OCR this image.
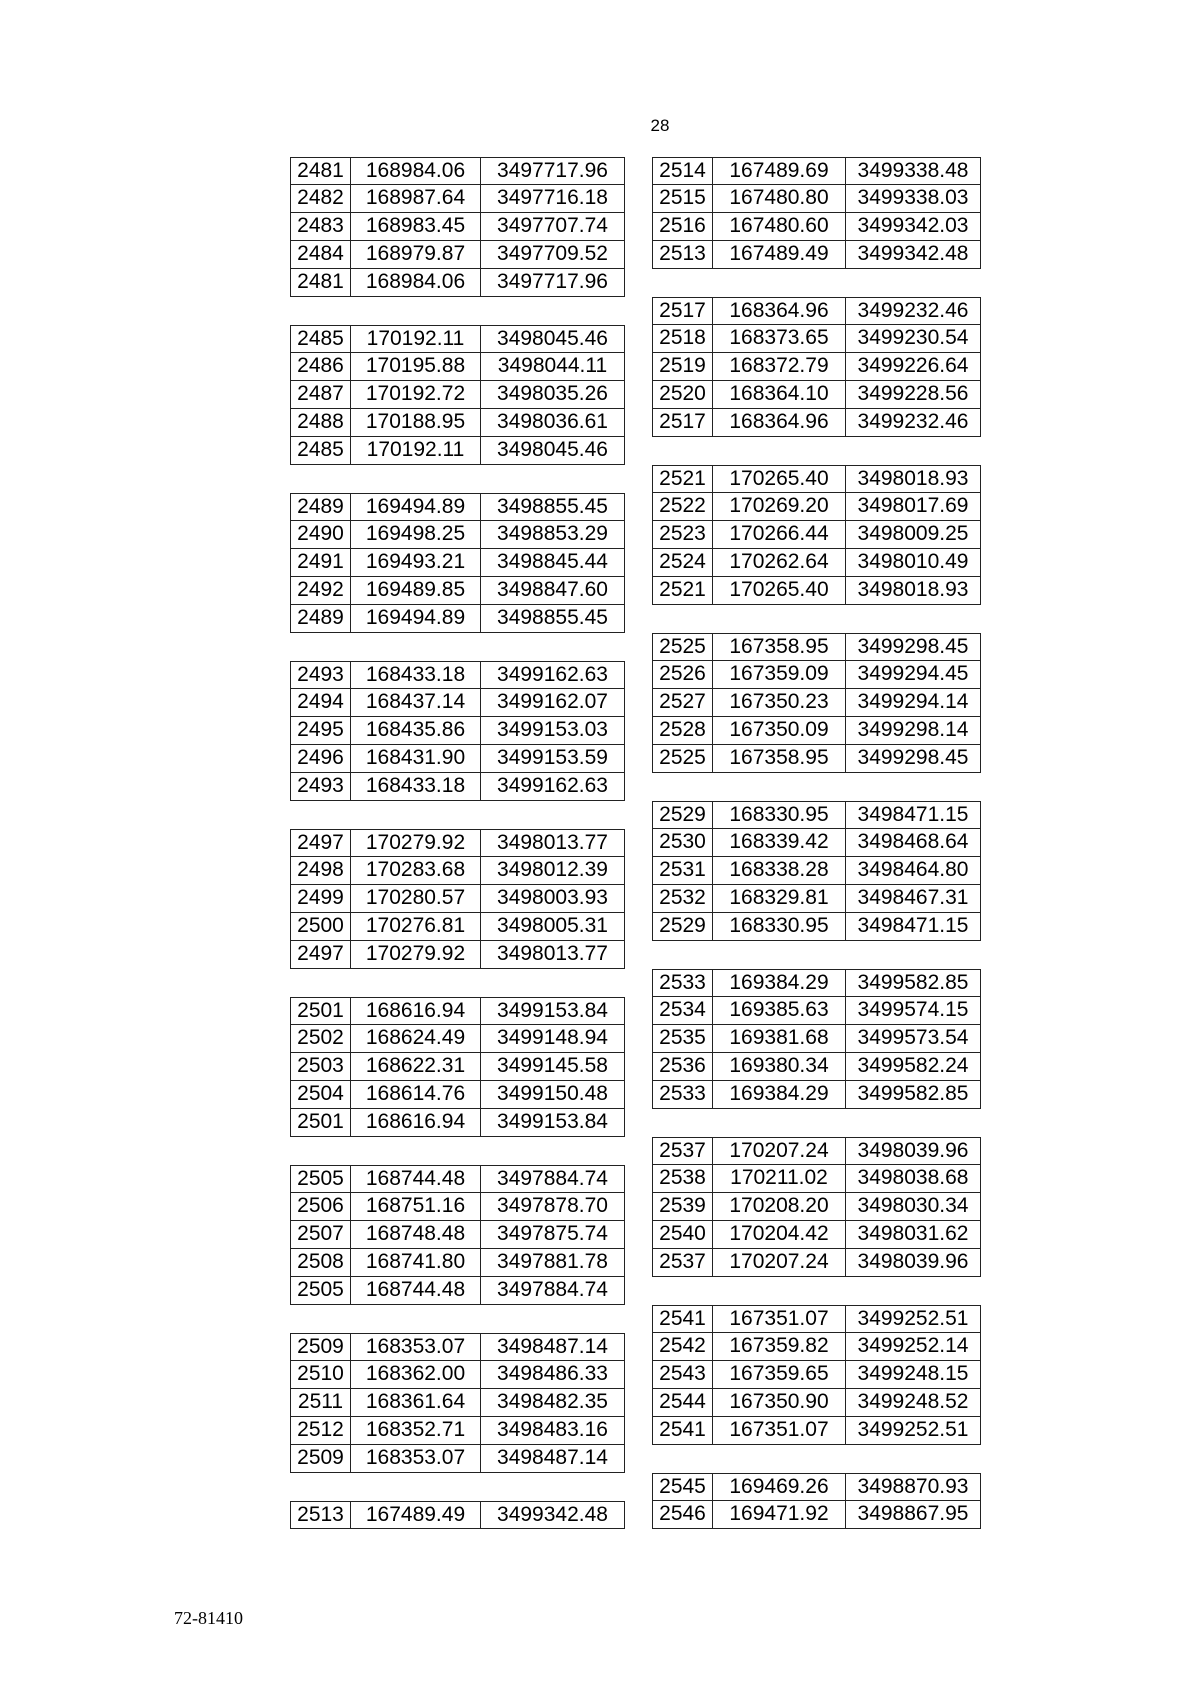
28
2481	168984.06	3497717.96
2482	168987.64	3497716.18
2483	168983.45	3497707.74
2484	168979.87	3497709.52
2481	168984.06	3497717.96
2485	170192.11	3498045.46
2486	170195.88	3498044.11
2487	170192.72	3498035.26
2488	170188.95	3498036.61
2485	170192.11	3498045.46
2489	169494.89	3498855.45
2490	169498.25	3498853.29
2491	169493.21	3498845.44
2492	169489.85	3498847.60
2489	169494.89	3498855.45
2493	168433.18	3499162.63
2494	168437.14	3499162.07
2495	168435.86	3499153.03
2496	168431.90	3499153.59
2493	168433.18	3499162.63
2497	170279.92	3498013.77
2498	170283.68	3498012.39
2499	170280.57	3498003.93
2500	170276.81	3498005.31
2497	170279.92	3498013.77
2501	168616.94	3499153.84
2502	168624.49	3499148.94
2503	168622.31	3499145.58
2504	168614.76	3499150.48
2501	168616.94	3499153.84
2505	168744.48	3497884.74
2506	168751.16	3497878.70
2507	168748.48	3497875.74
2508	168741.80	3497881.78
2505	168744.48	3497884.74
2509	168353.07	3498487.14
2510	168362.00	3498486.33
2511	168361.64	3498482.35
2512	168352.71	3498483.16
2509	168353.07	3498487.14
2513	167489.49	3499342.48
2514	167489.69	3499338.48
2515	167480.80	3499338.03
2516	167480.60	3499342.03
2513	167489.49	3499342.48
2517	168364.96	3499232.46
2518	168373.65	3499230.54
2519	168372.79	3499226.64
2520	168364.10	3499228.56
2517	168364.96	3499232.46
2521	170265.40	3498018.93
2522	170269.20	3498017.69
2523	170266.44	3498009.25
2524	170262.64	3498010.49
2521	170265.40	3498018.93
2525	167358.95	3499298.45
2526	167359.09	3499294.45
2527	167350.23	3499294.14
2528	167350.09	3499298.14
2525	167358.95	3499298.45
2529	168330.95	3498471.15
2530	168339.42	3498468.64
2531	168338.28	3498464.80
2532	168329.81	3498467.31
2529	168330.95	3498471.15
2533	169384.29	3499582.85
2534	169385.63	3499574.15
2535	169381.68	3499573.54
2536	169380.34	3499582.24
2533	169384.29	3499582.85
2537	170207.24	3498039.96
2538	170211.02	3498038.68
2539	170208.20	3498030.34
2540	170204.42	3498031.62
2537	170207.24	3498039.96
2541	167351.07	3499252.51
2542	167359.82	3499252.14
2543	167359.65	3499248.15
2544	167350.90	3499248.52
2541	167351.07	3499252.51
2545	169469.26	3498870.93
2546	169471.92	3498867.95
72-81410
